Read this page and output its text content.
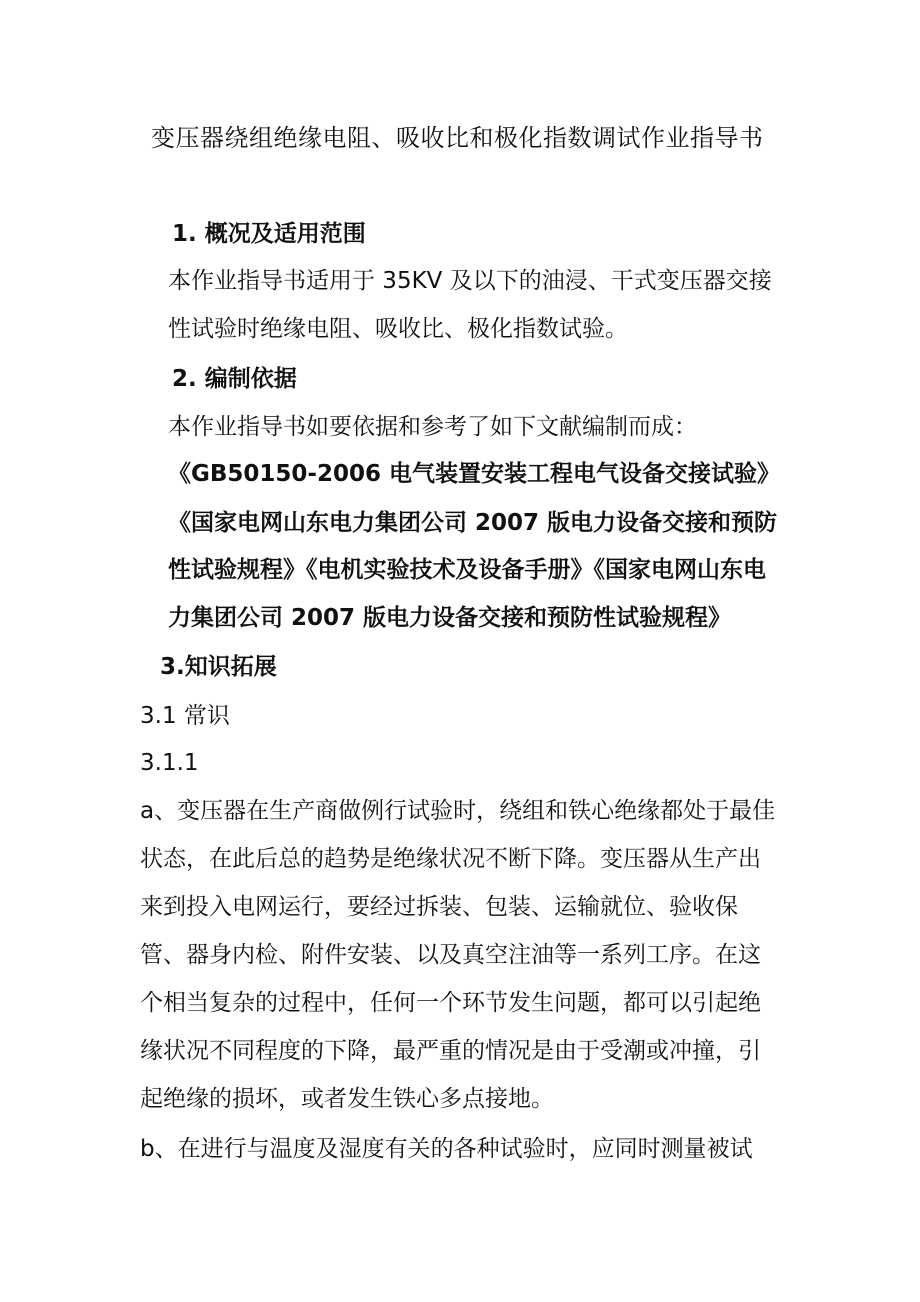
变压器绕组绝缘电阻、吸收比和极化指数调试作业指导书
1. 概况及适用范围
本作业指导书适用于 35KV 及以下的油浸、干式变压器交接
性试验时绝缘电阻、吸收比、极化指数试验。
2. 编制依据
本作业指导书如要依据和参考了如下文献编制而成：
《GB50150-2006 电气装置安装工程电气设备交接试验》
《国家电网山东电力集团公司 2007 版电力设备交接和预防
性试验规程》《电机实验技术及设备手册》《国家电网山东电
力集团公司 2007 版电力设备交接和预防性试验规程》
3.知识拓展
3.1 常识
3.1.1
a、变压器在生产商做例行试验时，绕组和铁心绝缘都处于最佳
状态，在此后总的趋势是绝缘状况不断下降。变压器从生产出
来到投入电网运行，要经过拆装、包装、运输就位、验收保
管、器身内检、附件安装、以及真空注油等一系列工序。在这
个相当复杂的过程中，任何一个环节发生问题，都可以引起绝
缘状况不同程度的下降，最严重的情况是由于受潮或冲撞，引
起绝缘的损坏，或者发生铁心多点接地。
b、在进行与温度及湿度有关的各种试验时，应同时测量被试
